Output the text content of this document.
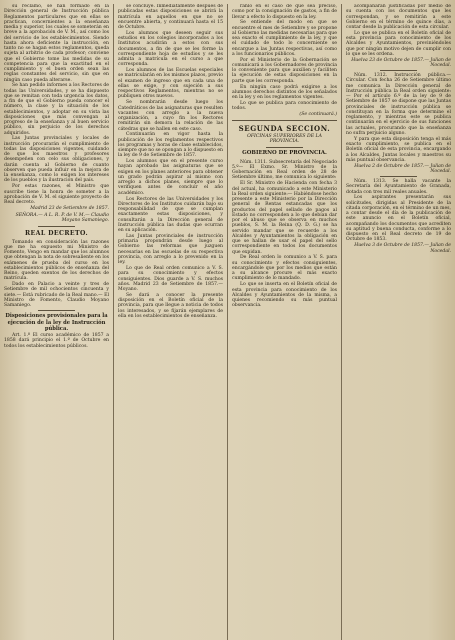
su reclamo, se han formado en la Dirección general de Instrucción pública Reglamentos particulares que en ellas se practican, concernientes a la enseñanza media y superior, los cuales se someterán en breve a la aprobación de V. M., así como los del servicio de los establecimientos. Siendo hasta ahora deficiente la instrucción, en tanto no se hagan estos reglamentos, queda sujeta al arbitrio de cada profesor; conviene que el Gobierno tome las medidas de su competencia para que la exactitud en el cumplimiento y el buen orden sean las reglas constantes del servicio, sin que en ningún caso pueda alterarse.

Se han pedido informes a los Rectores de todas las Universidades, y se ha dispuesto que se remitan con toda urgencia los datos, a fin de que el Gobierno pueda conocer el número, la clase y la situación de los establecimientos, y adoptar en su vista las disposiciones que más convengan al progreso de la enseñanza y al buen servicio público, sin perjuicio de los derechos adquiridos.

Las Juntas provinciales y locales de instrucción procurarán el cumplimiento de todas las disposiciones vigentes, cuidando de que los maestros y profesores desempeñen con celo sus obligaciones, y darán cuenta al Gobierno de cuanto observen que pueda influir en la mejora de la enseñanza, como lo exigen los intereses de los pueblos y la ilustración del país.

Por estas razones, el Ministro que suscribe tiene la honra de someter a la aprobación de V. M. el siguiente proyecto de Real decreto.

Madrid 23 de Setiembre de 1857.
SEÑORA.— A L. R. P. de V. M.— Claudio Moyano Samaniego.
REAL DECRETO.

Tomando en consideración las razones que me ha expuesto mi Ministro de Fomento, Vengo en mandar que los alumnos que obtengan la nota de sobresaliente en los exámenes de prueba del curso en los establecimientos públicos de enseñanza del Reino, queden exentos de los derechos de matrícula.

Dado en Palacio a veinte y tres de Setiembre de mil ochocientos cincuenta y siete.— Está rubricado de la Real mano.— El Ministro de Fomento, Claudio Moyano Samaniego.

Disposiciones provisionales para la ejecución de la ley de Instrucción pública.

Art. 1.º El curso académico de 1857 a 1858 dará principio el 1.º de Octubre en todos los establecimientos públicos.

se concluye. Inmediatamente después de publicadas estas disposiciones se abrirá la matrícula en aquellos en que no se encuentre abierta, y continuará hasta el 15 de Octubre.

Los alumnos que deseen seguir sus estudios en los colegios incorporados a los Institutos acudirán a estos con sus documentos, a fin de que se les forme la correspondiente hoja de estudios y se les admita a matrícula en el curso a que corresponda.

Los alumnos de las Escuelas especiales se matricularán en los mismos plazos, previo el examen de ingreso que en cada una de ellas se exige, y con sujeción a sus respectivos Reglamentos, mientras no se publiquen otros nuevos.

Se nombrarán desde luego los Catedráticos de las asignaturas que resulten vacantes con arreglo a la nueva organización, a cuyo fin los Rectores remitirán sin demora la relación de las cátedras que se hallen en este caso.

Continuarán en vigor hasta la publicación de los reglamentos respectivos los programas y horas de clase establecidos, siempre que no se opongan a lo dispuesto en la ley de 9 de Setiembre de 1857.

Los alumnos que en el presente curso hayan aprobado las asignaturas que se exigen en los planes anteriores para obtener un grado podrán aspirar al mismo con arreglo a dichos planes, siempre que lo verifiquen antes de concluir el año académico.

Los Rectores de las Universidades y los Directores de los Institutos cuidarán bajo su responsabilidad de que se cumplan exactamente estas disposiciones, y consultarán a la Dirección general de Instrucción pública las dudas que ocurran en su aplicación.

Las Juntas provinciales de instrucción primaria propondrán desde luego al Gobierno las reformas que juzguen necesarias en las escuelas de su respectiva provincia, con arreglo a lo prevenido en la ley.

Lo que de Real orden comunico a V. S. para su conocimiento y efectos consiguientes. Dios guarde a V. S. muchos años. Madrid 23 de Setiembre de 1857.— Moyano.

Se dará a conocer la presente disposición en el Boletín oficial de la provincia, para que llegue a noticia de todos los interesados, y se fijarán ejemplares de ella en los establecimientos de enseñanza.

ranlo en el caso de que sea preciso, como por la consignación de gastos, a fin de llevar a efecto lo dispuesto en la ley.

Se entiende del modo en que se encuentre el mes de Setiembre y se propone al Gobierno las medidas necesarias para que sea exacto el cumplimiento de la ley, y que el cuidado de todo lo concerniente se encargue a las Juntas respectivas, así como a los funcionarios públicos.

Por el Ministerio de la Gobernación se comunicará a los Gobernadores de provincia lo conveniente para que auxilien y faciliten la ejecución de estas disposiciones en la parte que les corresponda.

En ningún caso podrá exigirse a los alumnos derechos distintos de los señalados en la ley y en los reglamentos vigentes.

Lo que se publica para conocimiento de todos.

(Se continuará.)
SEGUNDA SECCION.
OFICINAS SUPERIORES DE LA PROVINCIA.
GOBIERNO DE PROVINCIA.

Núm. 1311. Subsecretaría del Negociado 5.º— El Exmo. Sr. Ministro de la Gobernación en Real orden de 28 de Setiembre último, me comunica lo siguiente:

El Sr. Ministro de Hacienda con fecha 3 del actual, ha comunicado a este Ministerio la Real orden siguiente:— Habiéndose hecho presente a este Ministerio por la Dirección general de Rentas estancadas que los productos del papel sellado de pagos al Estado no corresponden a lo que debían dar por el abuso que se observa en muchos pueblos, S. M. la Reina (Q. D. G.) se ha servido mandar que se recuerde a los Alcaldes y Ayuntamientos la obligación en que se hallan de usar el papel del sello correspondiente en todos los documentos que expidan.

De Real orden lo comunico a V. S. para su conocimiento y efectos consiguientes, encargándole que por los medios que están a su alcance procure el más exacto cumplimiento de lo mandado.

Lo que se inserta en el Boletín oficial de esta provincia para conocimiento de los Alcaldes y Ayuntamientos de la misma, a quienes recomiendo su más puntual observancia.

acompañarán justificadas por medio de su cuenta con los documentos que les correspondan, y se remitirán a este Gobierno en el término de quince días, a contar desde la publicación de esta circular.

Lo que se publica en el Boletín oficial de esta provincia para conocimiento de los Alcaldes y Ayuntamientos, previniéndoles que por ningún motivo dejen de cumplir con lo que se les ordena.

Huelva 23 de Octubre de 1857.— Julian de Nocedal.

Núm. 1312. Instrucción pública.— Circular. Con fecha 26 de Setiembre último me comunica la Dirección general de Instrucción pública la Real orden siguiente:— Por el artículo 6.º de la ley de 9 de Setiembre de 1857 se dispone que las Juntas provinciales de instrucción pública se constituyan en la forma que determine el reglamento, y mientras este se publica continuarán en el ejercicio de sus funciones las actuales, procurando que la enseñanza no sufra perjuicio alguno.

Y para que esta disposición tenga el más exacto cumplimiento, se publica en el Boletín oficial de esta provincia, encargando a los Alcaldes, Juntas locales y maestros su más puntual observancia.

Huelva 2 de Octubre de 1857.— Julian de Nocedal.

Núm. 1313. Se halla vacante la Secretaría del Ayuntamiento de Granada, dotada con tres mil reales anuales.

Los aspirantes presentarán sus solicitudes, dirigidas al Presidente de la citada corporación, en el término de un mes, a contar desde el día de la publicación de este anuncio en el Boletín oficial, acompañando los documentos que acrediten su aptitud y buena conducta, conforme a lo dispuesto en el Real decreto de 19 de Octubre de 1853.

Huelva 3 de Octubre de 1857.— Julian de Nocedal.
